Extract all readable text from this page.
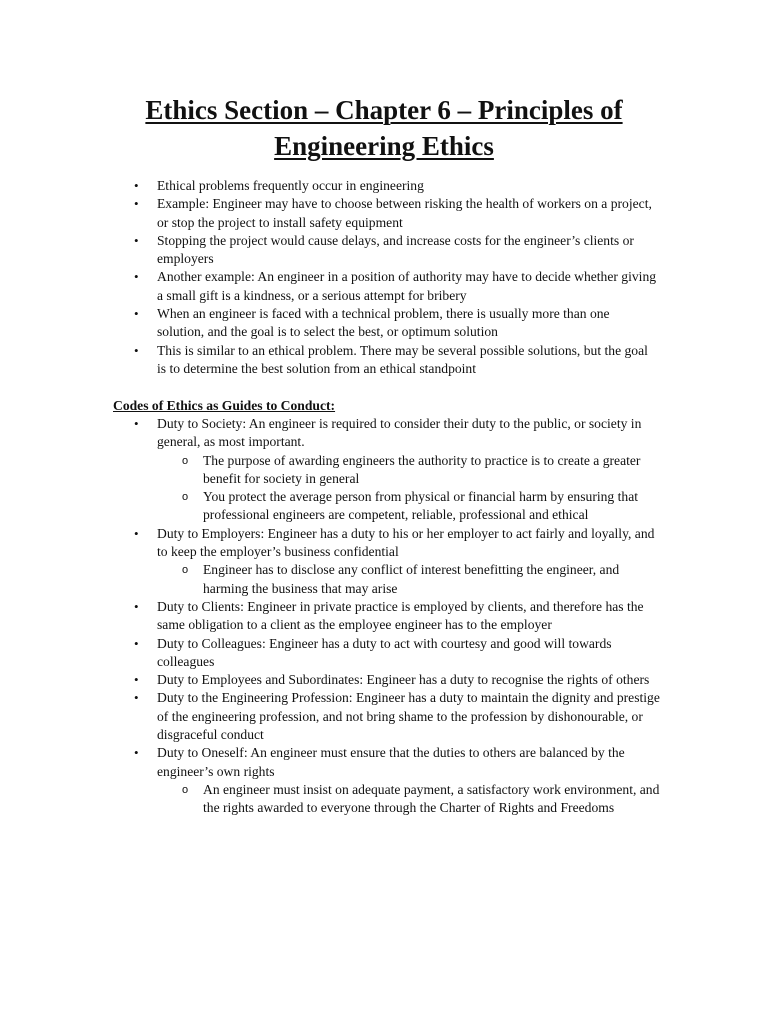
Ethics Section – Chapter 6 – Principles of
Engineering Ethics
• Ethical problems frequently occur in engineering
• Example: Engineer may have to choose between risking the health of workers on a project, or stop the project to install safety equipment
• Stopping the project would cause delays, and increase costs for the engineer’s clients or employers
• Another example: An engineer in a position of authority may have to decide whether giving a small gift is a kindness, or a serious attempt for bribery
• When an engineer is faced with a technical problem, there is usually more than one solution, and the goal is to select the best, or optimum solution
• This is similar to an ethical problem. There may be several possible solutions, but the goal is to determine the best solution from an ethical standpoint
Codes of Ethics as Guides to Conduct:
• Duty to Society: An engineer is required to consider their duty to the public, or society in general, as most important.
o The purpose of awarding engineers the authority to practice is to create a greater benefit for society in general
o You protect the average person from physical or financial harm by ensuring that professional engineers are competent, reliable, professional and ethical
• Duty to Employers: Engineer has a duty to his or her employer to act fairly and loyally, and to keep the employer’s business confidential
o Engineer has to disclose any conflict of interest benefitting the engineer, and harming the business that may arise
• Duty to Clients: Engineer in private practice is employed by clients, and therefore has the same obligation to a client as the employee engineer has to the employer
• Duty to Colleagues: Engineer has a duty to act with courtesy and good will towards colleagues
• Duty to Employees and Subordinates: Engineer has a duty to recognise the rights of others
• Duty to the Engineering Profession: Engineer has a duty to maintain the dignity and prestige of the engineering profession, and not bring shame to the profession by dishonourable, or disgraceful conduct
• Duty to Oneself: An engineer must ensure that the duties to others are balanced by the engineer’s own rights
o An engineer must insist on adequate payment, a satisfactory work environment, and the rights awarded to everyone through the Charter of Rights and Freedoms
